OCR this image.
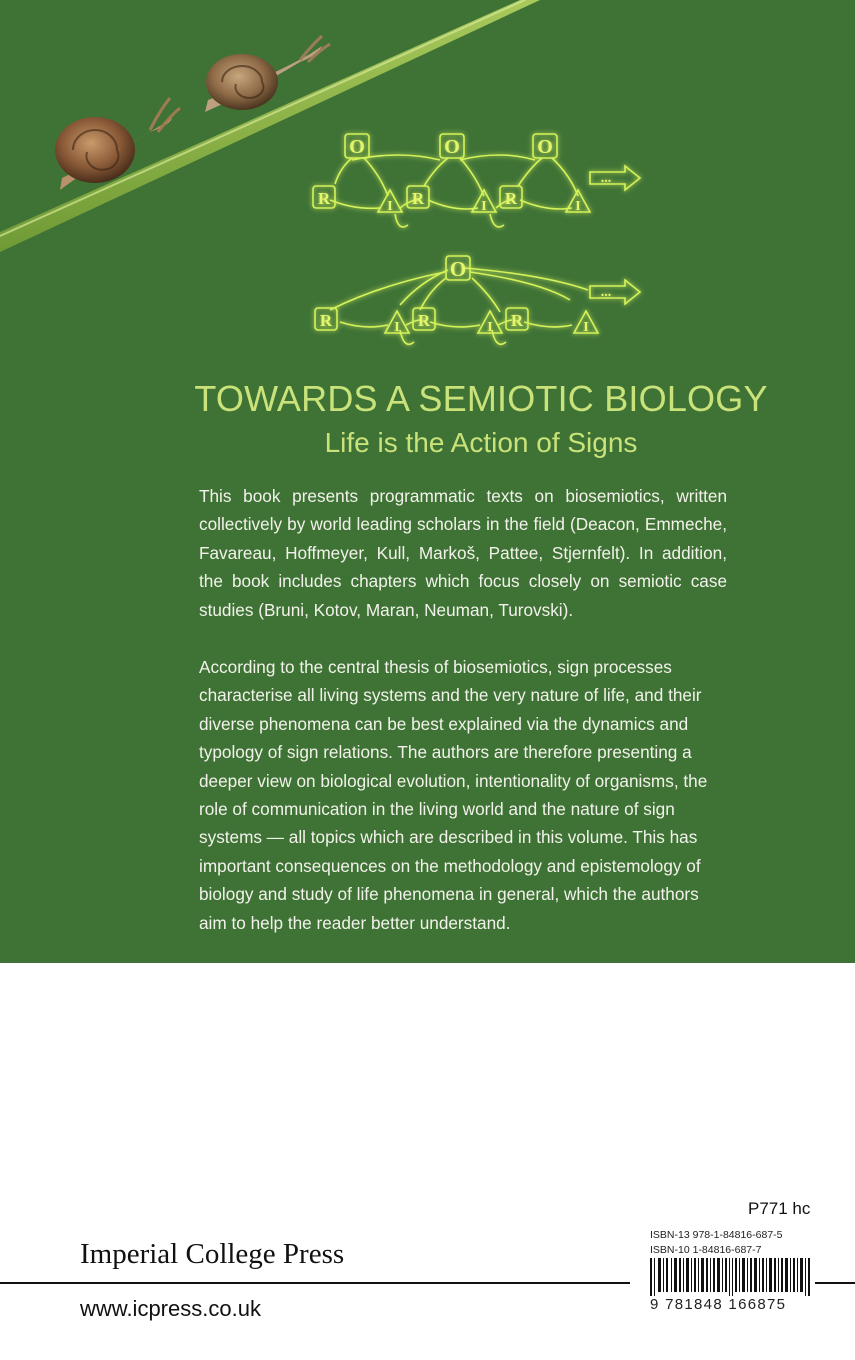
O	O	O
R	R	R
I	I	I
...
O
R	R	R
I	I	I
...
TOWARDS A SEMIOTIC BIOLOGY
Life is the Action of Signs

This book presents programmatic texts on biosemiotics, written collectively by world leading scholars in the field (Deacon, Emmeche, Favareau, Hoffmeyer, Kull, Markoš, Pattee, Stjernfelt). In addition, the book includes chapters which focus closely on semiotic case studies (Bruni, Kotov, Maran, Neuman, Turovski).

According to the central thesis of biosemiotics, sign processes characterise all living systems and the very nature of life, and their diverse phenomena can be best explained via the dynamics and typology of sign relations. The authors are therefore presenting a deeper view on biological evolution, intentionality of organisms, the role of communication in the living world and the nature of sign systems — all topics which are described in this volume. This has important consequences on the methodology and epistemology of biology and study of life phenomena in general, which the authors aim to help the reader better understand.

P771 hc
ISBN-13 978-1-84816-687-5
ISBN-10 1-84816-687-7
9 781848 166875
Imperial College Press
www.icpress.co.uk
